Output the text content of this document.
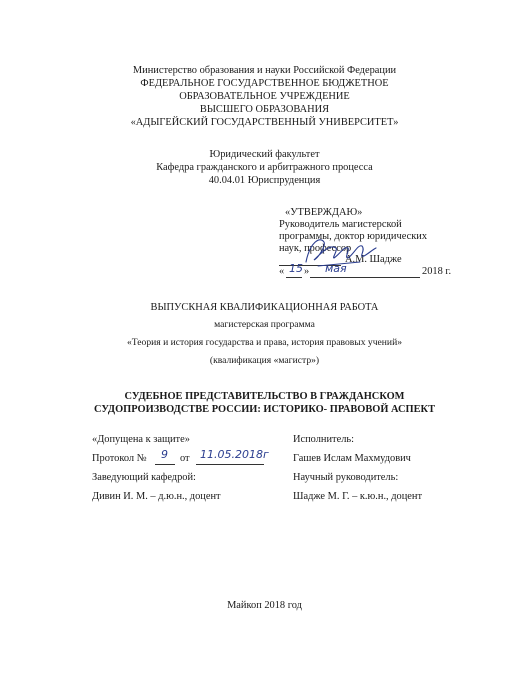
Министерство образования и науки Российской Федерации
ФЕДЕРАЛЬНОЕ ГОСУДАРСТВЕННОЕ БЮДЖЕТНОЕ
ОБРАЗОВАТЕЛЬНОЕ УЧРЕЖДЕНИЕ
ВЫСШЕГО ОБРАЗОВАНИЯ
«АДЫГЕЙСКИЙ ГОСУДАРСТВЕННЫЙ УНИВЕРСИТЕТ»
Юридический факультет
Кафедра гражданского и арбитражного процесса
40.04.01 Юриспруденция
«УТВЕРЖДАЮ»
Руководитель магистерской
программы, доктор юридических
наук, профессор
А.М. Шадже
« 15 » мая	2018 г.
ВЫПУСКНАЯ КВАЛИФИКАЦИОННАЯ РАБОТА
магистерская программа
«Теория и история государства и права, история правовых учений»
(квалификация «магистр»)
СУДЕБНОЕ ПРЕДСТАВИТЕЛЬСТВО В ГРАЖДАНСКОМ
СУДОПРОИЗВОДСТВЕ РОССИИ: ИСТОРИКО- ПРАВОВОЙ АСПЕКТ
«Допущена к защите»
Протокол № 9 от 11.05.2018г
Заведующий кафедрой:
Дивин И. М. – д.ю.н., доцент
Исполнитель:
Гашев Ислам Махмудович
Научный руководитель:
Шадже М. Г. – к.ю.н., доцент
Майкоп 2018 год
